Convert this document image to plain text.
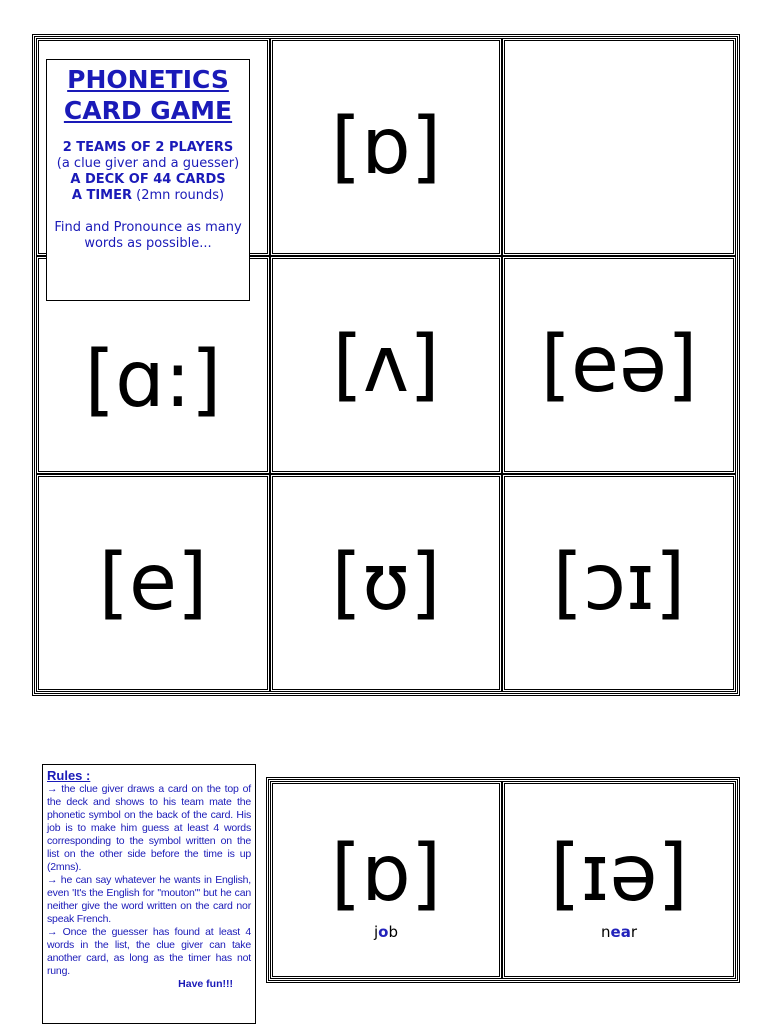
[ɒ]
[ɑ:] [ʌ] [eə]
[e] [ʊ] [ɔɪ]
PHONETICS
CARD GAME
2 TEAMS OF 2 PLAYERS
(a clue giver and a guesser)
A DECK OF 44 CARDS
A TIMER (2mn rounds)
Find and Pronounce as many words as possible...
[ɒ]
job
[ɪə]
near
Rules :

→ the clue giver draws a card on the top of the deck and shows to his team mate the phonetic symbol on the back of the card. His job is to make him guess at least 4 words corresponding to the symbol written on the list on the other side before the time is up (2mns).

→ he can say whatever he wants in English, even 'It's the English for "mouton"' but he can neither give the word written on the card nor speak French.

→ Once the guesser has found at least 4 words in the list, the clue giver can take another card, as long as the timer has not rung.

Have fun!!!
